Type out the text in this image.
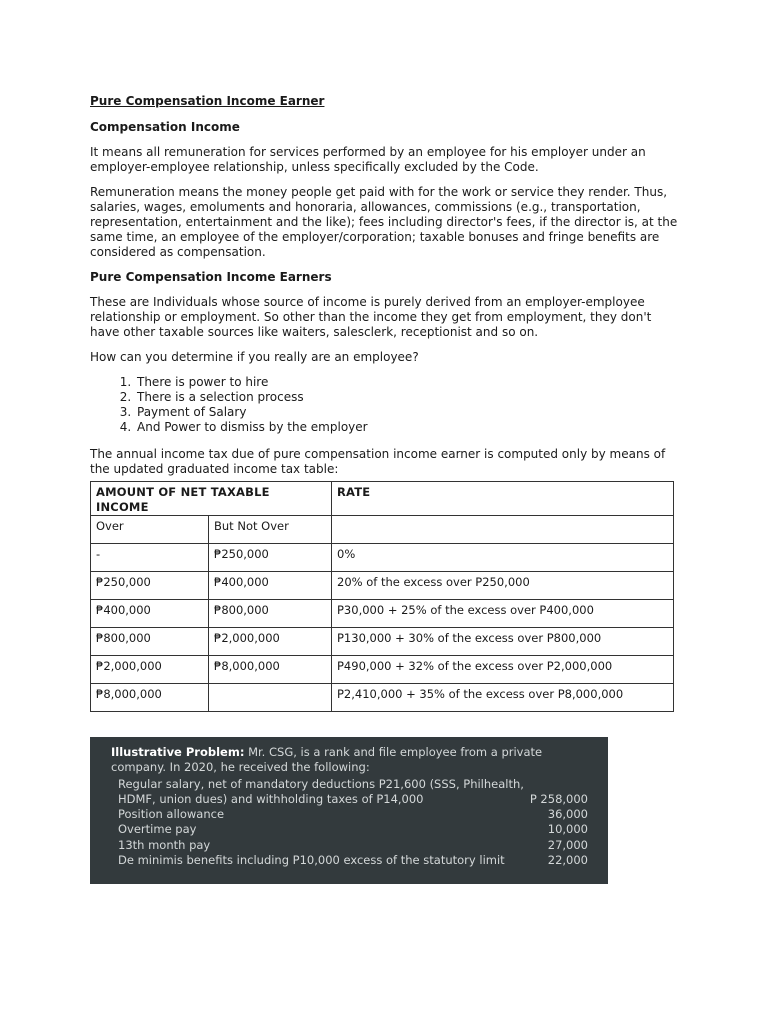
Pure Compensation Income Earner
Compensation Income

It means all remuneration for services performed by an employee for his employer under an employer-employee relationship, unless specifically excluded by the Code.

Remuneration means the money people get paid with for the work or service they render. Thus, salaries, wages, emoluments and honoraria, allowances, commissions (e.g., transportation, representation, entertainment and the like); fees including director's fees, if the director is, at the same time, an employee of the employer/corporation; taxable bonuses and fringe benefits are considered as compensation.

Pure Compensation Income Earners

These are Individuals whose source of income is purely derived from an employer-employee relationship or employment. So other than the income they get from employment, they don't have other taxable sources like waiters, salesclerk, receptionist and so on.

How can you determine if you really are an employee?

1. There is power to hire
2. There is a selection process
3. Payment of Salary
4. And Power to dismiss by the employer

The annual income tax due of pure compensation income earner is computed only by means of the updated graduated income tax table:

AMOUNT OF NET TAXABLE INCOME		RATE
Over	But Not Over	
-	₱250,000	0%
₱250,000	₱400,000	20% of the excess over P250,000
₱400,000	₱800,000	P30,000 + 25% of the excess over P400,000
₱800,000	₱2,000,000	P130,000 + 30% of the excess over P800,000
₱2,000,000	₱8,000,000	P490,000 + 32% of the excess over P2,000,000
₱8,000,000		P2,410,000 + 35% of the excess over P8,000,000
Illustrative Problem: Mr. CSG, is a rank and file employee from a private company. In 2020, he received the following:
Regular salary, net of mandatory deductions P21,600 (SSS, Philhealth,
HDMF, union dues) and withholding taxes of P14,000	P 258,000
Position allowance	36,000
Overtime pay	10,000
13th month pay	27,000
De minimis benefits including P10,000 excess of the statutory limit	22,000
